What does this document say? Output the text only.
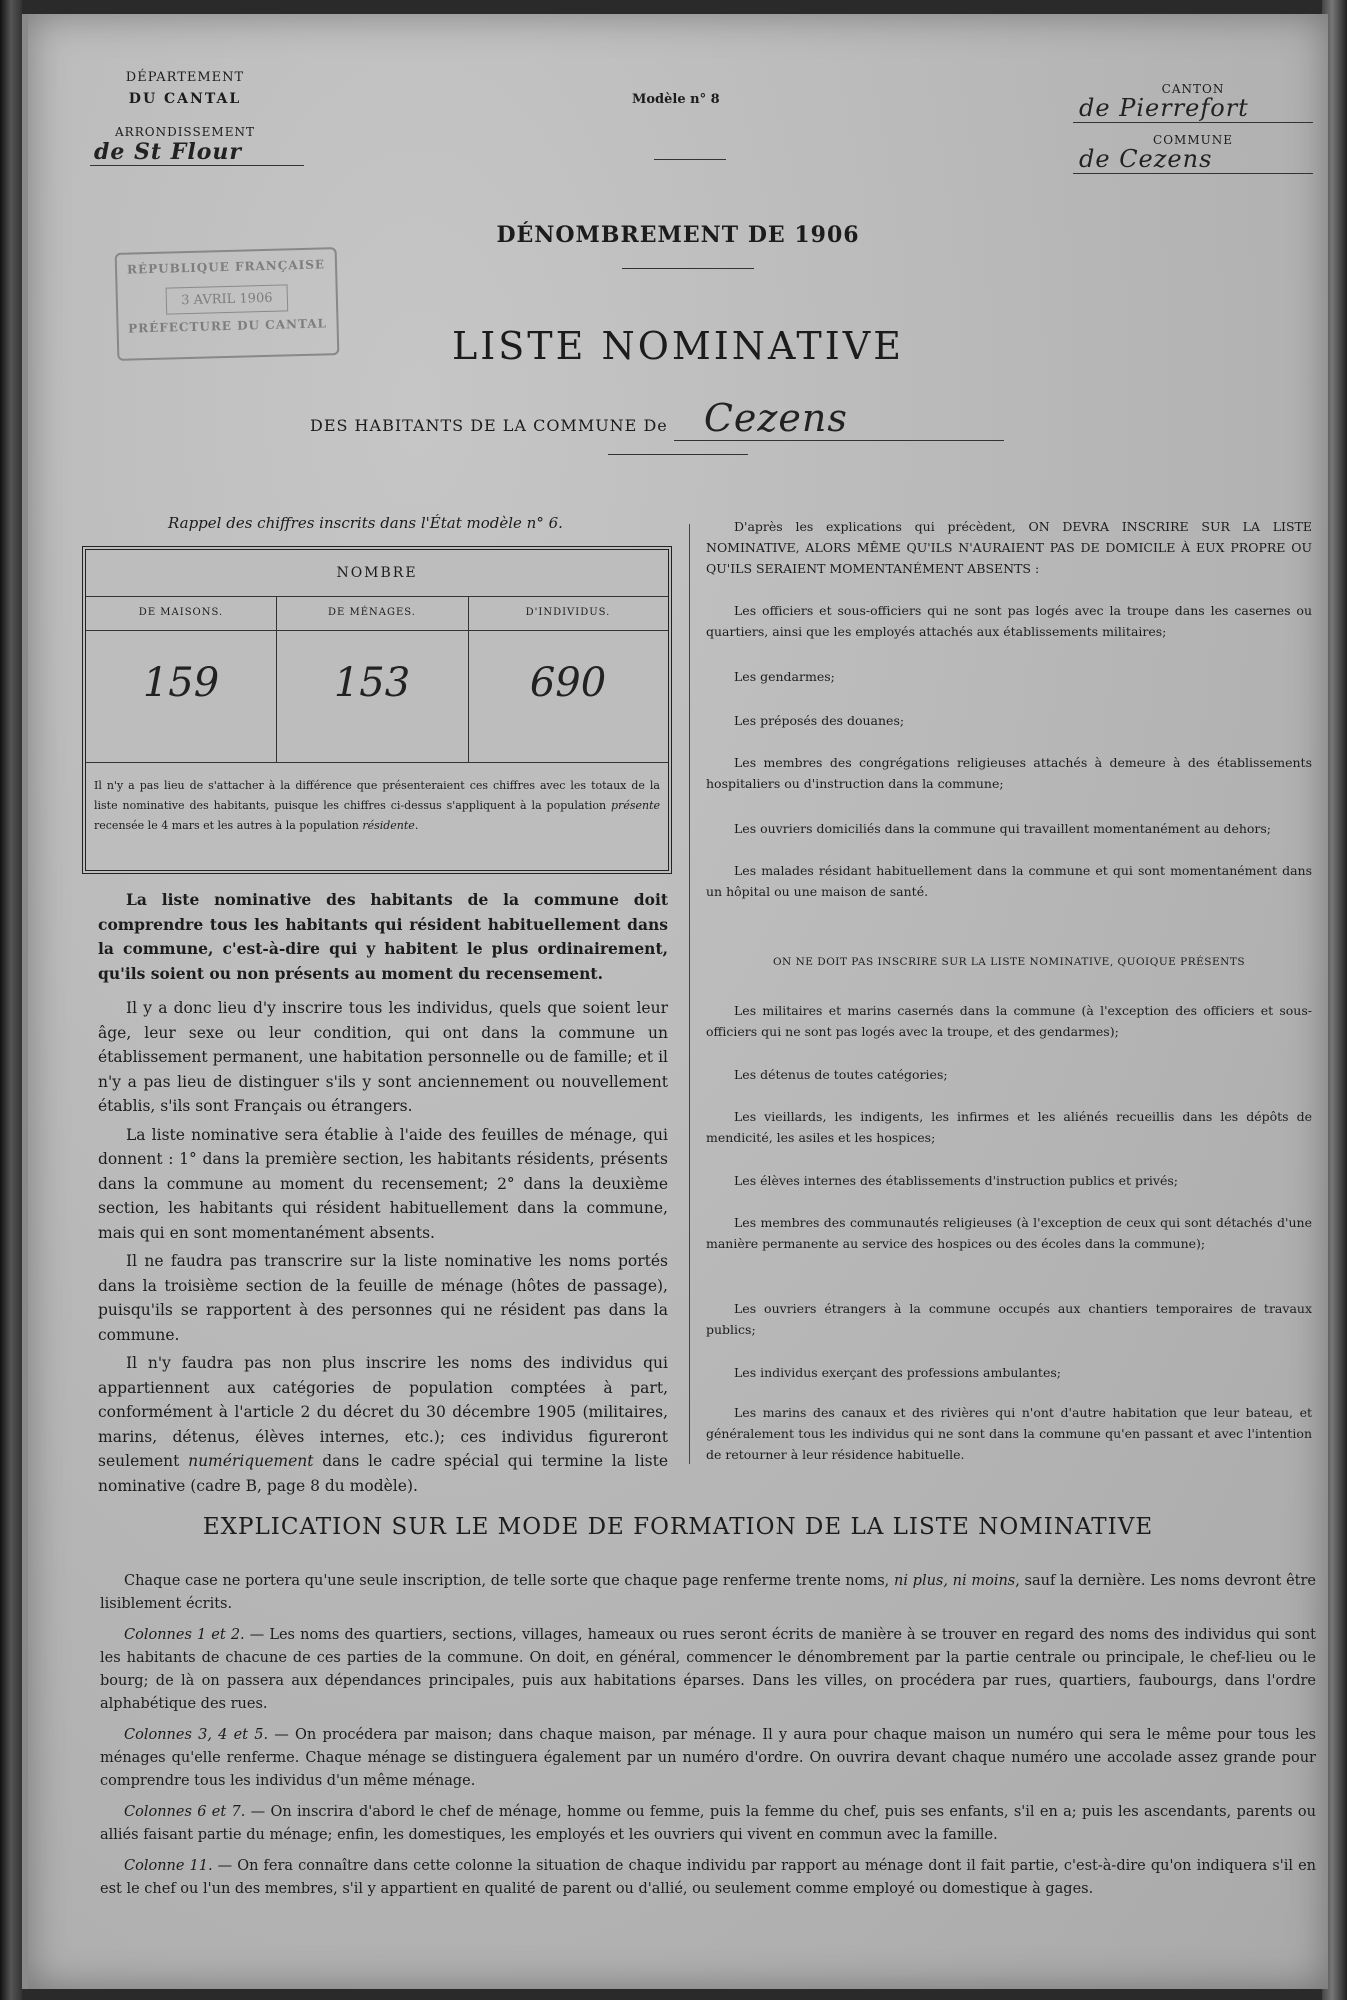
DÉPARTEMENT
DU CANTAL
ARRONDISSEMENT
de St Flour
Modèle n° 8
CANTON
de Pierrefort
COMMUNE
de Cezens
RÉPUBLIQUE FRANÇAISE
3 AVRIL 1906
PRÉFECTURE DU CANTAL
DÉNOMBREMENT DE 1906
LISTE NOMINATIVE
DES HABITANTS DE LA COMMUNE De Cezens
Rappel des chiffres inscrits dans l'État modèle n° 6.
NOMBRE
DE MAISONS.
159
DE MÉNAGES.
153
D'INDIVIDUS.
690
Il n'y a pas lieu de s'attacher à la différence que présenteraient ces chiffres avec les totaux de la liste nominative des habitants, puisque les chiffres ci-dessus s'appliquent à la population présente recensée le 4 mars et les autres à la population résidente.

La liste nominative des habitants de la commune doit comprendre tous les habitants qui résident habituellement dans la commune, c'est-à-dire qui y habitent le plus ordinairement, qu'ils soient ou non présents au moment du recensement.

Il y a donc lieu d'y inscrire tous les individus, quels que soient leur âge, leur sexe ou leur condition, qui ont dans la commune un établissement permanent, une habitation personnelle ou de famille; et il n'y a pas lieu de distinguer s'ils y sont anciennement ou nouvellement établis, s'ils sont Français ou étrangers.

La liste nominative sera établie à l'aide des feuilles de ménage, qui donnent : 1° dans la première section, les habitants résidents, présents dans la commune au moment du recensement; 2° dans la deuxième section, les habitants qui résident habituellement dans la commune, mais qui en sont momentanément absents.

Il ne faudra pas transcrire sur la liste nominative les noms portés dans la troisième section de la feuille de ménage (hôtes de passage), puisqu'ils se rapportent à des personnes qui ne résident pas dans la commune.

Il n'y faudra pas non plus inscrire les noms des individus qui appartiennent aux catégories de population comptées à part, conformément à l'article 2 du décret du 30 décembre 1905 (militaires, marins, détenus, élèves internes, etc.); ces individus figureront seulement numériquement dans le cadre spécial qui termine la liste nominative (cadre B, page 8 du modèle).

D'après les explications qui précèdent, ON DEVRA INSCRIRE SUR LA LISTE NOMINATIVE, ALORS MÊME QU'ILS N'AURAIENT PAS DE DOMICILE À EUX PROPRE OU QU'ILS SERAIENT MOMENTANÉMENT ABSENTS :
Les officiers et sous-officiers qui ne sont pas logés avec la troupe dans les casernes ou quartiers, ainsi que les employés attachés aux établissements militaires;
Les gendarmes;
Les préposés des douanes;
Les membres des congrégations religieuses attachés à demeure à des établissements hospitaliers ou d'instruction dans la commune;
Les ouvriers domiciliés dans la commune qui travaillent momentanément au dehors;
Les malades résidant habituellement dans la commune et qui sont momentanément dans un hôpital ou une maison de santé.
ON NE DOIT PAS INSCRIRE SUR LA LISTE NOMINATIVE, QUOIQUE PRÉSENTS
Les militaires et marins casernés dans la commune (à l'exception des officiers et sous-officiers qui ne sont pas logés avec la troupe, et des gendarmes);
Les détenus de toutes catégories;
Les vieillards, les indigents, les infirmes et les aliénés recueillis dans les dépôts de mendicité, les asiles et les hospices;
Les élèves internes des établissements d'instruction publics et privés;
Les membres des communautés religieuses (à l'exception de ceux qui sont détachés d'une manière permanente au service des hospices ou des écoles dans la commune);
Les ouvriers étrangers à la commune occupés aux chantiers temporaires de travaux publics;
Les individus exerçant des professions ambulantes;
Les marins des canaux et des rivières qui n'ont d'autre habitation que leur bateau, et généralement tous les individus qui ne sont dans la commune qu'en passant et avec l'intention de retourner à leur résidence habituelle.
EXPLICATION SUR LE MODE DE FORMATION DE LA LISTE NOMINATIVE

Chaque case ne portera qu'une seule inscription, de telle sorte que chaque page renferme trente noms, ni plus, ni moins, sauf la dernière. Les noms devront être lisiblement écrits.

Colonnes 1 et 2. — Les noms des quartiers, sections, villages, hameaux ou rues seront écrits de manière à se trouver en regard des noms des individus qui sont les habitants de chacune de ces parties de la commune. On doit, en général, commencer le dénombrement par la partie centrale ou principale, le chef-lieu ou le bourg; de là on passera aux dépendances principales, puis aux habitations éparses. Dans les villes, on procédera par rues, quartiers, faubourgs, dans l'ordre alphabétique des rues.

Colonnes 3, 4 et 5. — On procédera par maison; dans chaque maison, par ménage. Il y aura pour chaque maison un numéro qui sera le même pour tous les ménages qu'elle renferme. Chaque ménage se distinguera également par un numéro d'ordre. On ouvrira devant chaque numéro une accolade assez grande pour comprendre tous les individus d'un même ménage.

Colonnes 6 et 7. — On inscrira d'abord le chef de ménage, homme ou femme, puis la femme du chef, puis ses enfants, s'il en a; puis les ascendants, parents ou alliés faisant partie du ménage; enfin, les domestiques, les employés et les ouvriers qui vivent en commun avec la famille.

Colonne 11. — On fera connaître dans cette colonne la situation de chaque individu par rapport au ménage dont il fait partie, c'est-à-dire qu'on indiquera s'il en est le chef ou l'un des membres, s'il y appartient en qualité de parent ou d'allié, ou seulement comme employé ou domestique à gages.
